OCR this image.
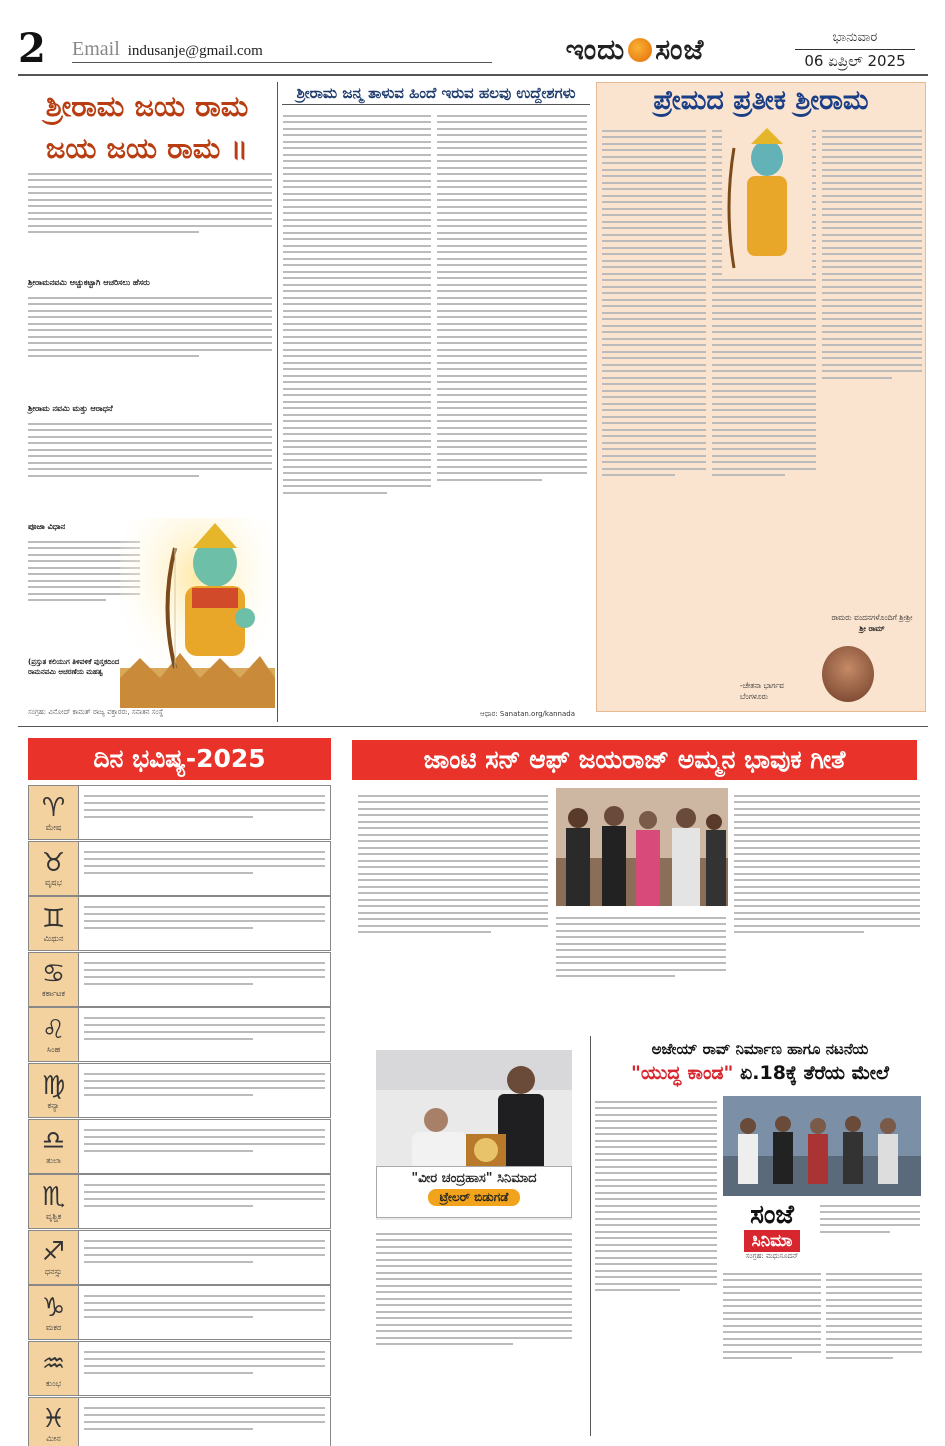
2 Email indusanje@gmail.com	ಇಂದು ಸಂಜೆ	ಭಾನುವಾರ
06 ಏಪ್ರಿಲ್ 2025
ಶ್ರೀರಾಮ ಜಯ ರಾಮ
ಜಯ ಜಯ ರಾಮ ॥
ಶ್ರೀರಾಮನವಮಿ ಆಚ್ಚುಕಟ್ಟಾಗಿ ಆಚರಿಸಲು ಹೆಸರು
ಶ್ರೀರಾಮ ನವಮಿ ಮತ್ತು ಆರಾಧನೆ
ಪೂಜಾ ವಿಧಾನ
(ಪ್ರಸ್ತುತ ಕಲಿಯುಗ ತಿಳಿವಳಿಕೆ ಪುಸ್ತಕದಿಂದ
ರಾಮನವಮಿ ಆಚರಣೆಯ ಮಹತ್ವ
ಸಂಗ್ರಹ: ವಿನೋದ್ ಕಾಮತ್ ರಾಜ್ಯ ವಕ್ತಾರರು, ಸನಾತನ ಸಂಸ್ಥೆ
ಶ್ರೀರಾಮ ಜನ್ಮ ತಾಳುವ ಹಿಂದೆ ಇರುವ ಹಲವು ಉದ್ದೇಶಗಳು
ಆಧಾರ: Sanatan.org/kannada
ಪ್ರೇಮದ ಪ್ರತೀಕ ಶ್ರೀರಾಮ
ರಾಮರು ವಂದನಗಳೊಂದಿಗೆ ಶ್ರೀಶ್ರೀ
ಶ್ರೀ ರಾಮ್
-ಚೇತನಾ ಭಾರ್ಗವ
ಬೆಂಗಳೂರು
ದಿನ ಭವಿಷ್ಯ-2025
♈
ಮೇಷ
♉
ವೃಷಭ
♊
ಮಿಥುನ
♋
ಕರ್ಕಾಟಕ
♌
ಸಿಂಹ
♍
ಕನ್ಯಾ
♎
ತುಲಾ
♏
ವೃಶ್ಚಿಕ
♐
ಧನಸ್ಸು
♑
ಮಕರ
♒
ಕುಂಭ
♓
ಮೀನ
ಜಾಂಟಿ ಸನ್ ಆಫ್ ಜಯರಾಜ್ ಅಮ್ಮನ ಭಾವುಕ ಗೀತೆ
"ವೀರ ಚಂದ್ರಹಾಸ" ಸಿನಿಮಾದ
ಟ್ರೇಲರ್ ಬಿಡುಗಡೆ
ಅಜೇಯ್ ರಾವ್ ನಿರ್ಮಾಣ ಹಾಗೂ ನಟನೆಯ
"ಯುದ್ಧ ಕಾಂಡ" ಏ.18ಕ್ಕೆ ತೆರೆಯ ಮೇಲೆ
ಸಂಜೆ
ಸಿನಿಮಾ
ಸಂಗ್ರಹ: ಮಧುಸೂದನ್
